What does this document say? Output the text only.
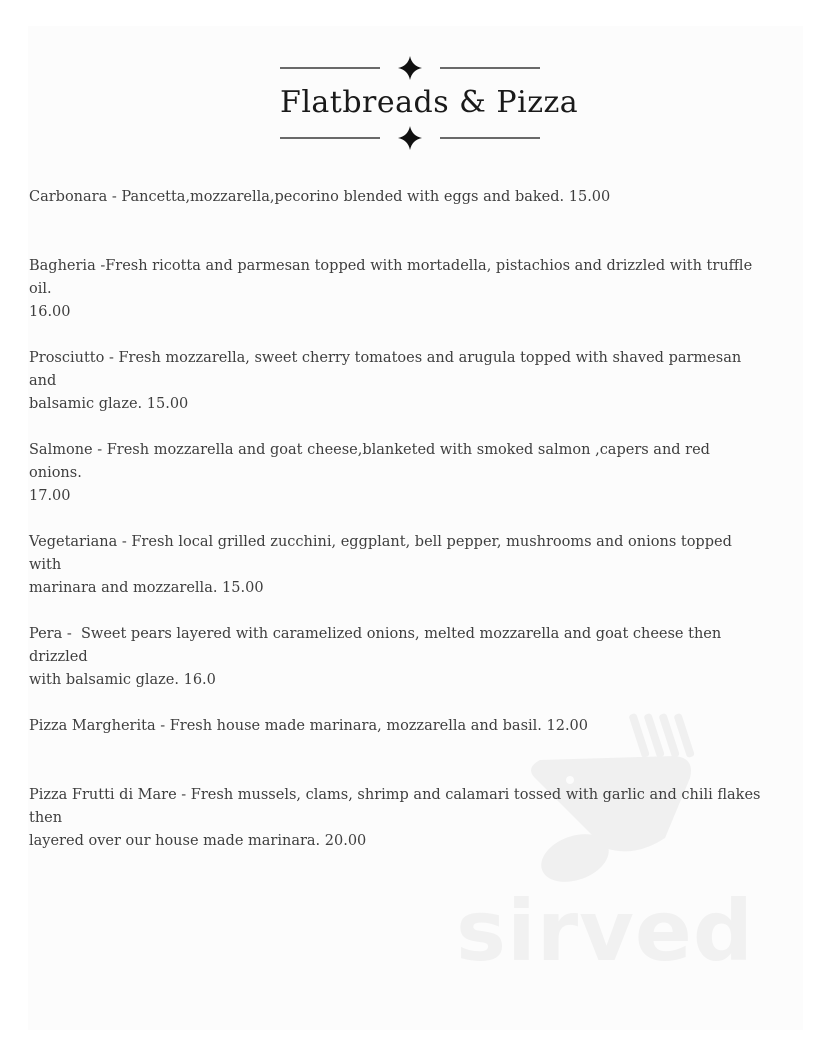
Flatbreads & Pizza
sirved
Carbonara - Pancetta,mozzarella,pecorino blended with eggs and baked. 15.00
Bagheria -Fresh ricotta and parmesan topped with mortadella, pistachios and drizzled with truffle oil.
16.00
Prosciutto - Fresh mozzarella, sweet cherry tomatoes and arugula topped with shaved parmesan and
balsamic glaze. 15.00
Salmone - Fresh mozzarella and goat cheese,blanketed with smoked salmon ,capers and red onions.
17.00
Vegetariana - Fresh local grilled zucchini, eggplant, bell pepper, mushrooms and onions topped with
marinara and mozzarella. 15.00
Pera -  Sweet pears layered with caramelized onions, melted mozzarella and goat cheese then drizzled
with balsamic glaze. 16.0
Pizza Margherita - Fresh house made marinara, mozzarella and basil. 12.00
Pizza Frutti di Mare - Fresh mussels, clams, shrimp and calamari tossed with garlic and chili flakes then
layered over our house made marinara. 20.00
